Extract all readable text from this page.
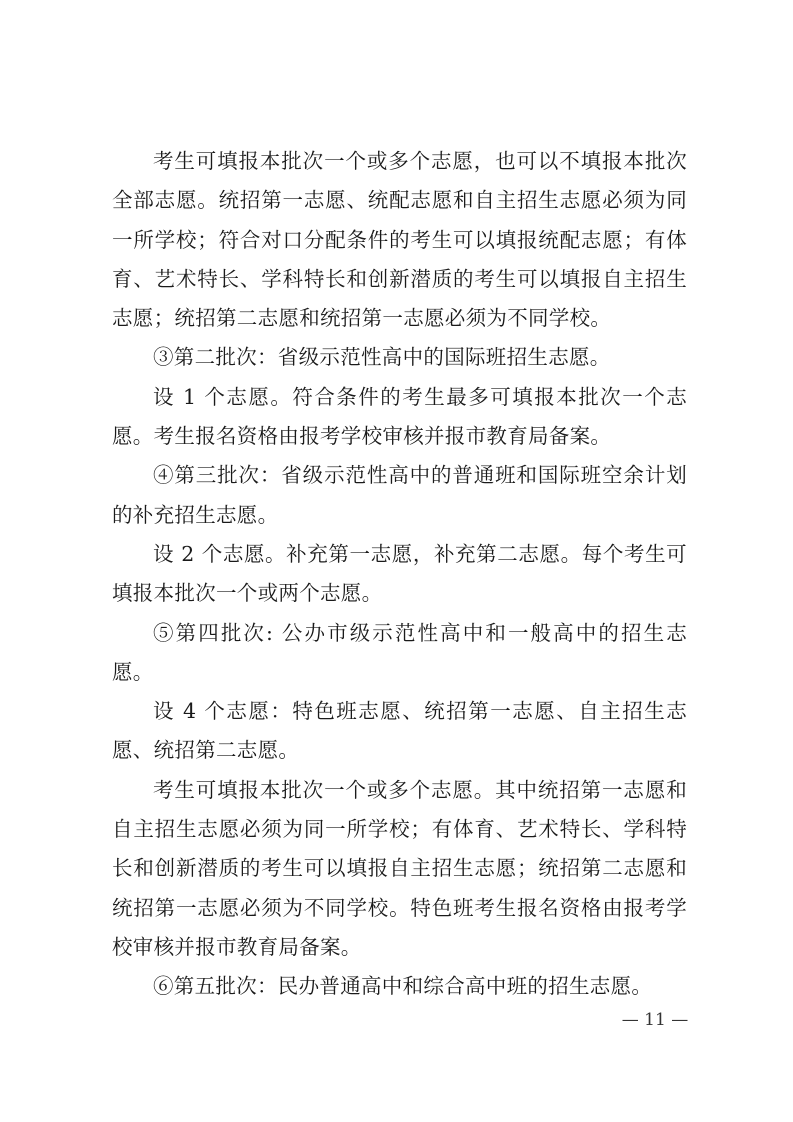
考生可填报本批次一个或多个志愿，也可以不填报本批次全部志愿。统招第一志愿、统配志愿和自主招生志愿必须为同一所学校；符合对口分配条件的考生可以填报统配志愿；有体育、艺术特长、学科特长和创新潜质的考生可以填报自主招生志愿；统招第二志愿和统招第一志愿必须为不同学校。

③第二批次：省级示范性高中的国际班招生志愿。

设 1 个志愿。符合条件的考生最多可填报本批次一个志愿。考生报名资格由报考学校审核并报市教育局备案。

④第三批次：省级示范性高中的普通班和国际班空余计划的补充招生志愿。

设 2 个志愿。补充第一志愿，补充第二志愿。每个考生可填报本批次一个或两个志愿。

⑤第四批次: 公办市级示范性高中和一般高中的招生志愿。

设 4 个志愿：特色班志愿、统招第一志愿、自主招生志愿、统招第二志愿。

考生可填报本批次一个或多个志愿。其中统招第一志愿和自主招生志愿必须为同一所学校；有体育、艺术特长、学科特长和创新潜质的考生可以填报自主招生志愿；统招第二志愿和统招第一志愿必须为不同学校。特色班考生报名资格由报考学校审核并报市教育局备案。

⑥第五批次：民办普通高中和综合高中班的招生志愿。

— 11 —
